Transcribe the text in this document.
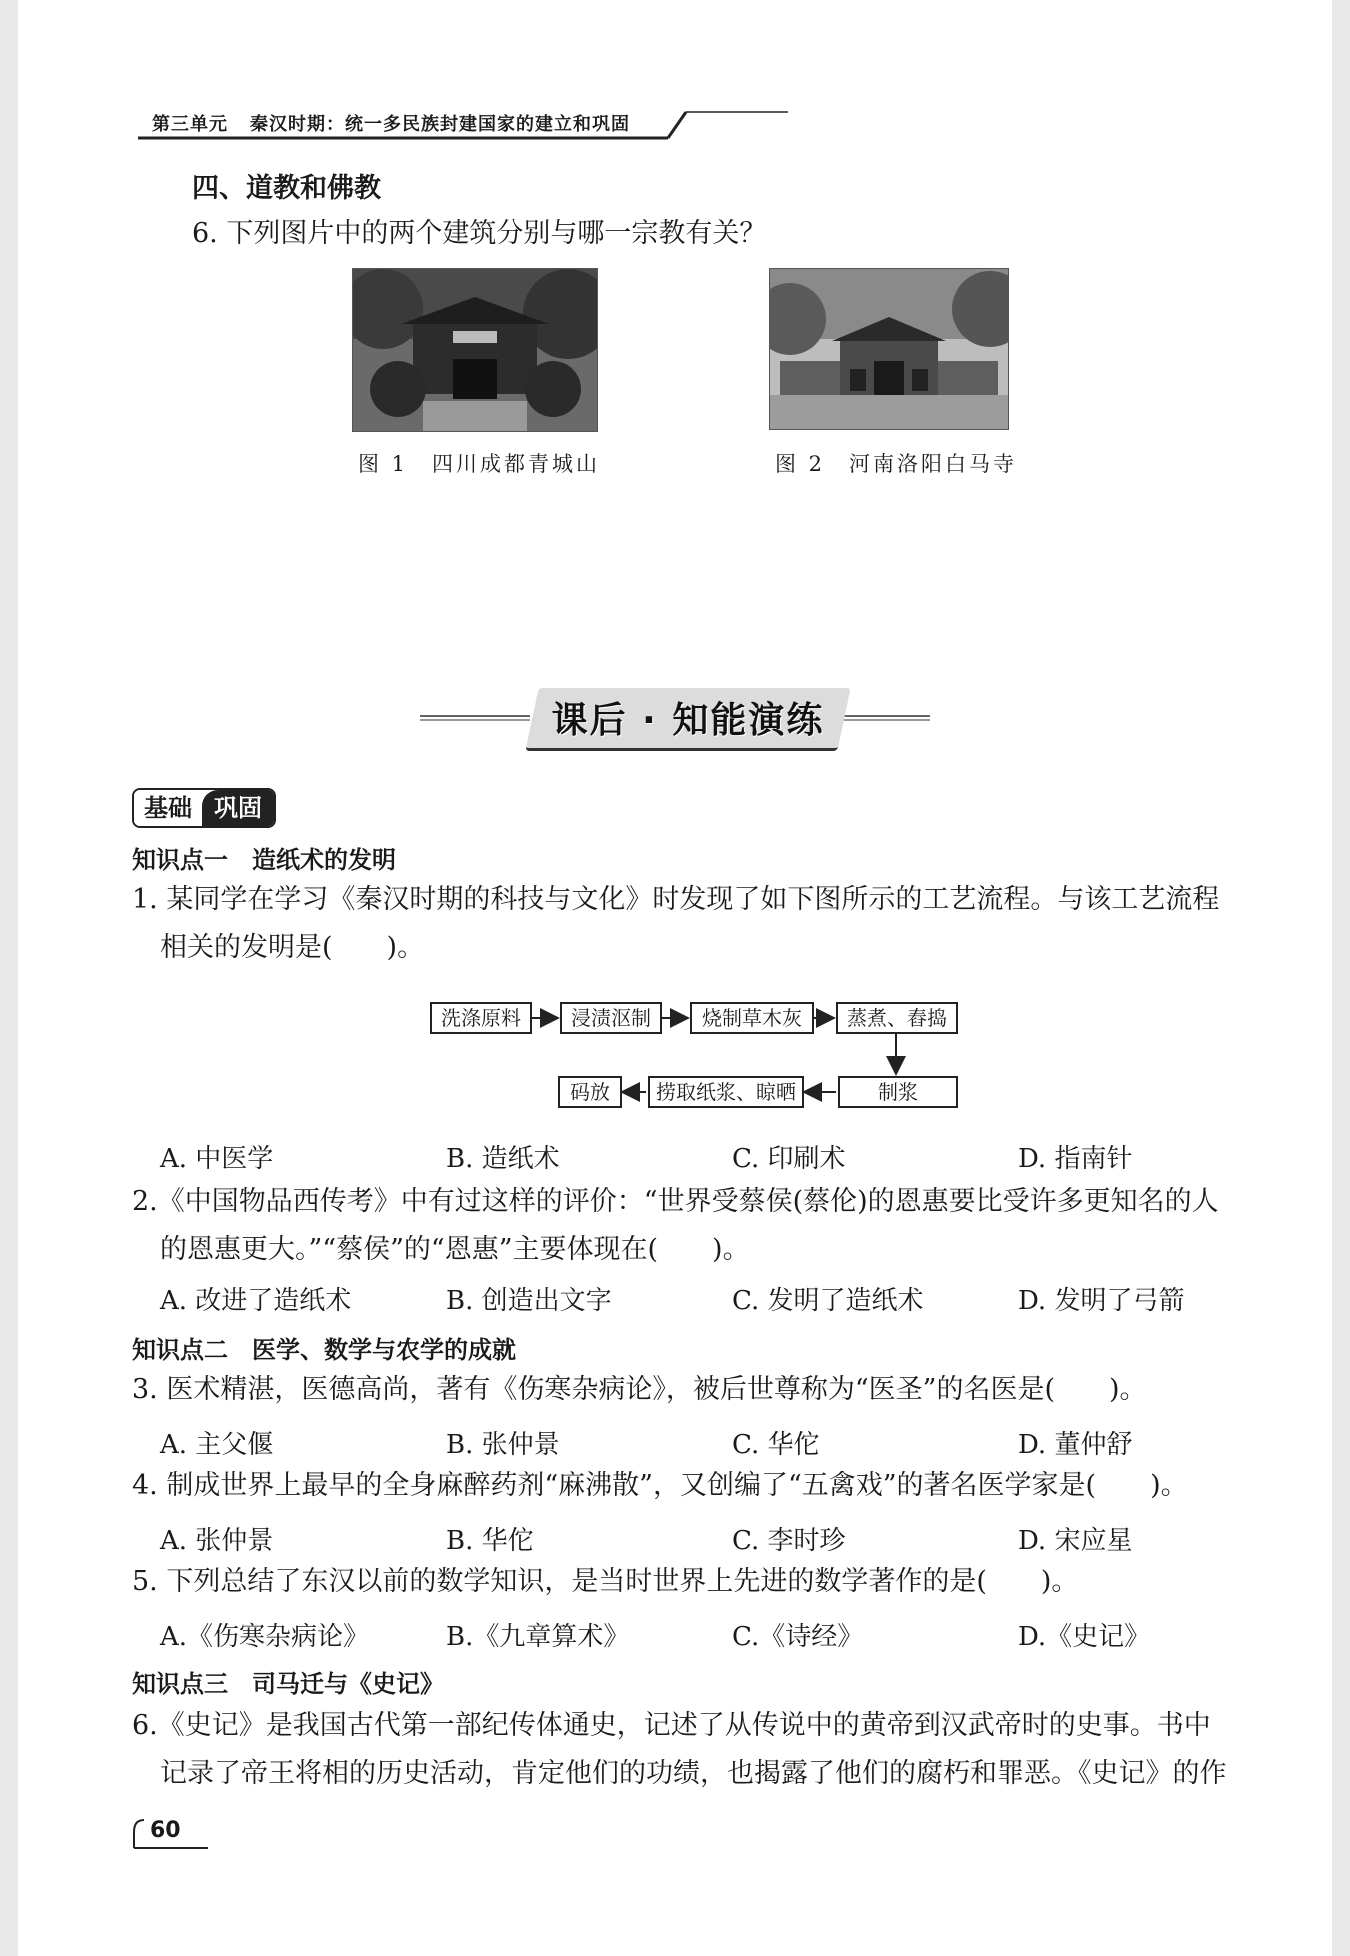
第三单元 秦汉时期：统一多民族封建国家的建立和巩固
四、道教和佛教
6. 下列图片中的两个建筑分别与哪一宗教有关？
图 1　四川成都青城山	图 2　河南洛阳白马寺
课后 · 知能演练
基础 巩固
知识点一　造纸术的发明
1. 某同学在学习《秦汉时期的科技与文化》时发现了如下图所示的工艺流程。与该工艺流程
相关的发明是(　　)。
洗涤原料	浸渍沤制	烧制草木灰	蒸煮、舂捣
制浆
捞取纸浆、晾晒
码放
A. 中医学	B. 造纸术	C. 印刷术	D. 指南针
2.《中国物品西传考》中有过这样的评价：“世界受蔡侯(蔡伦)的恩惠要比受许多更知名的人
的恩惠更大。”“蔡侯”的“恩惠”主要体现在(　　)。
A. 改进了造纸术	B. 创造出文字	C. 发明了造纸术	D. 发明了弓箭
知识点二　医学、数学与农学的成就
3. 医术精湛，医德高尚，著有《伤寒杂病论》，被后世尊称为“医圣”的名医是(　　)。
A. 主父偃	B. 张仲景	C. 华佗	D. 董仲舒
4. 制成世界上最早的全身麻醉药剂“麻沸散”，又创编了“五禽戏”的著名医学家是(　　)。
A. 张仲景	B. 华佗	C. 李时珍	D. 宋应星
5. 下列总结了东汉以前的数学知识，是当时世界上先进的数学著作的是(　　)。
A.《伤寒杂病论》	B.《九章算术》	C.《诗经》	D.《史记》
知识点三　司马迁与《史记》
6.《史记》是我国古代第一部纪传体通史，记述了从传说中的黄帝到汉武帝时的史事。书中
记录了帝王将相的历史活动，肯定他们的功绩，也揭露了他们的腐朽和罪恶。《史记》的作
60
